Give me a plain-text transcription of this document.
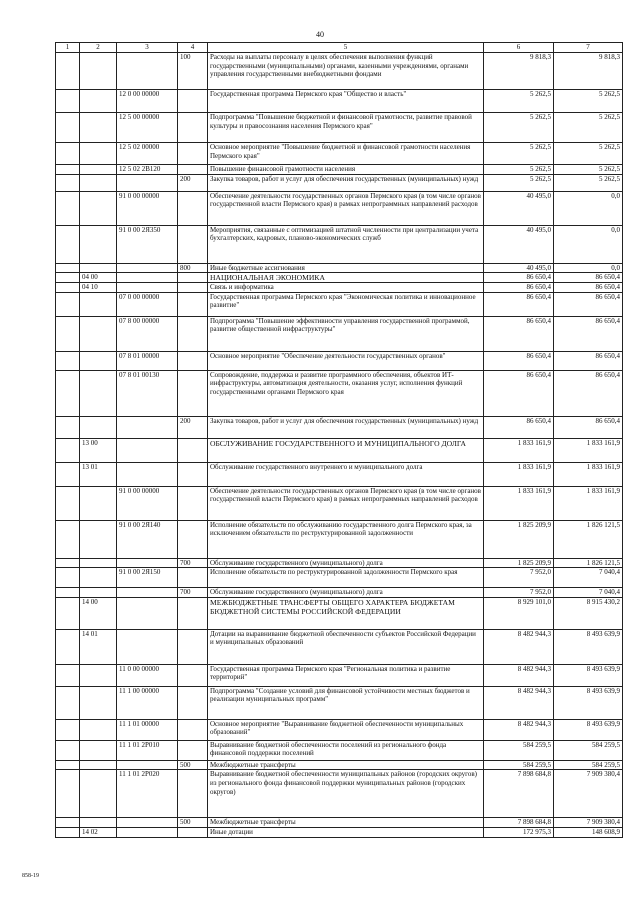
40
1	2	3	4	5	6	7
			100	Расходы на выплаты персоналу в целях обеспечения выполнения функций государственными (муниципальными) органами, казенными учреждениями, органами управления государственными внебюджетными фондами	9 818,3	9 818,3
		12 0 00 00000		Государственная программа Пермского края "Общество и власть"	5 262,5	5 262,5
		12 5 00 00000		Подпрограмма "Повышение бюджетной и финансовой грамотности, развитие правовой культуры и правосознания населения Пермского края"	5 262,5	5 262,5
		12 5 02 00000		Основное мероприятие "Повышение бюджетной и финансовой грамотности населения Пермского края"	5 262,5	5 262,5
		12 5 02 2В120		Повышение финансовой грамотности населения	5 262,5	5 262,5
			200	Закупка товаров, работ и услуг для обеспечения государственных (муниципальных) нужд	5 262,5	5 262,5
		91 0 00 00000		Обеспечение деятельности государственных органов Пермского края (в том числе органов государственной власти Пермского края) в рамках непрограммных направлений расходов	40 495,0	0,0
		91 0 00 2Я350		Мероприятия, связанные с оптимизацией штатной численности при централизации учета бухгалтерских, кадровых, планово-экономических служб	40 495,0	0,0
			800	Иные бюджетные ассигнования	40 495,0	0,0
	04 00			НАЦИОНАЛЬНАЯ ЭКОНОМИКА	86 650,4	86 650,4
	04 10			Связь и информатика	86 650,4	86 650,4
		07 0 00 00000		Государственная программа Пермского края "Экономическая политика и инновационное развитие"	86 650,4	86 650,4
		07 8 00 00000		Подпрограмма "Повышение эффективности управления государственной программой, развитие общественной инфраструктуры"	86 650,4	86 650,4
		07 8 01 00000		Основное мероприятие "Обеспечение деятельности государственных органов"	86 650,4	86 650,4
		07 8 01 00130		Сопровождение, поддержка и развитие программного обеспечения, объектов ИТ-инфраструктуры, автоматизация деятельности, оказания услуг, исполнения функций государственными органами Пермского края	86 650,4	86 650,4
			200	Закупка товаров, работ и услуг для обеспечения государственных (муниципальных) нужд	86 650,4	86 650,4
	13 00			ОБСЛУЖИВАНИЕ ГОСУДАРСТВЕННОГО И МУНИЦИПАЛЬНОГO ДОЛГА	1 833 161,9	1 833 161,9
	13 01			Обслуживание государственного внутреннего и муниципального долга	1 833 161,9	1 833 161,9
		91 0 00 00000		Обеспечение деятельности государственных органов Пермского края (в том числе органов государственной власти Пермского края) в рамках непрограммных направлений расходов	1 833 161,9	1 833 161,9
		91 0 00 2Я140		Исполнение обязательств по обслуживанию государственного долга Пермского края, за исключением обязательств по реструктурированной задолженности	1 825 209,9	1 826 121,5
			700	Обслуживание государственного (муниципального) долга	1 825 209,9	1 826 121,5
		91 0 00 2Я150		Исполнение обязательств по реструктурированной задолженности Пермского края	7 952,0	7 040,4
			700	Обслуживание государственного (муниципального) долга	7 952,0	7 040,4
	14 00			МЕЖБЮДЖЕТНЫЕ ТРАНСФЕРТЫ ОБЩЕГО ХАРАКТЕРА БЮДЖЕТАМ БЮДЖЕТНОЙ СИСТЕМЫ РОССИЙСКОЙ ФЕДЕРАЦИИ	8 929 101,0	8 915 430,2
	14 01			Дотации на выравнивание бюджетной обеспеченности субъектов Российской Федерации и муниципальных образований	8 482 944,3	8 493 639,9
		11 0 00 00000		Государственная программа Пермского края "Региональная политика и развитие территорий"	8 482 944,3	8 493 639,9
		11 1 00 00000		Подпрограмма "Создание условий для финансовой устойчивости местных бюджетов и реализации муниципальных программ"	8 482 944,3	8 493 639,9
		11 1 01 00000		Основное мероприятие "Выравнивание бюджетной обеспеченности муниципальных образований"	8 482 944,3	8 493 639,9
		11 1 01 2Р010		Выравнивание бюджетной обеспеченности поселений из регионального фонда финансовой поддержки поселений	584 259,5	584 259,5
			500	Межбюджетные трансферты	584 259,5	584 259,5
		11 1 01 2Р020		Выравнивание бюджетной обеспеченности муниципальных районов (городских округов) из регионального фонда финансовой поддержки муниципальных районов (городских округов)	7 898 684,8	7 909 380,4
			500	Межбюджетные трансферты	7 898 684,8	7 909 380,4
	14 02			Иные дотации	172 975,3	148 608,9
858-19
